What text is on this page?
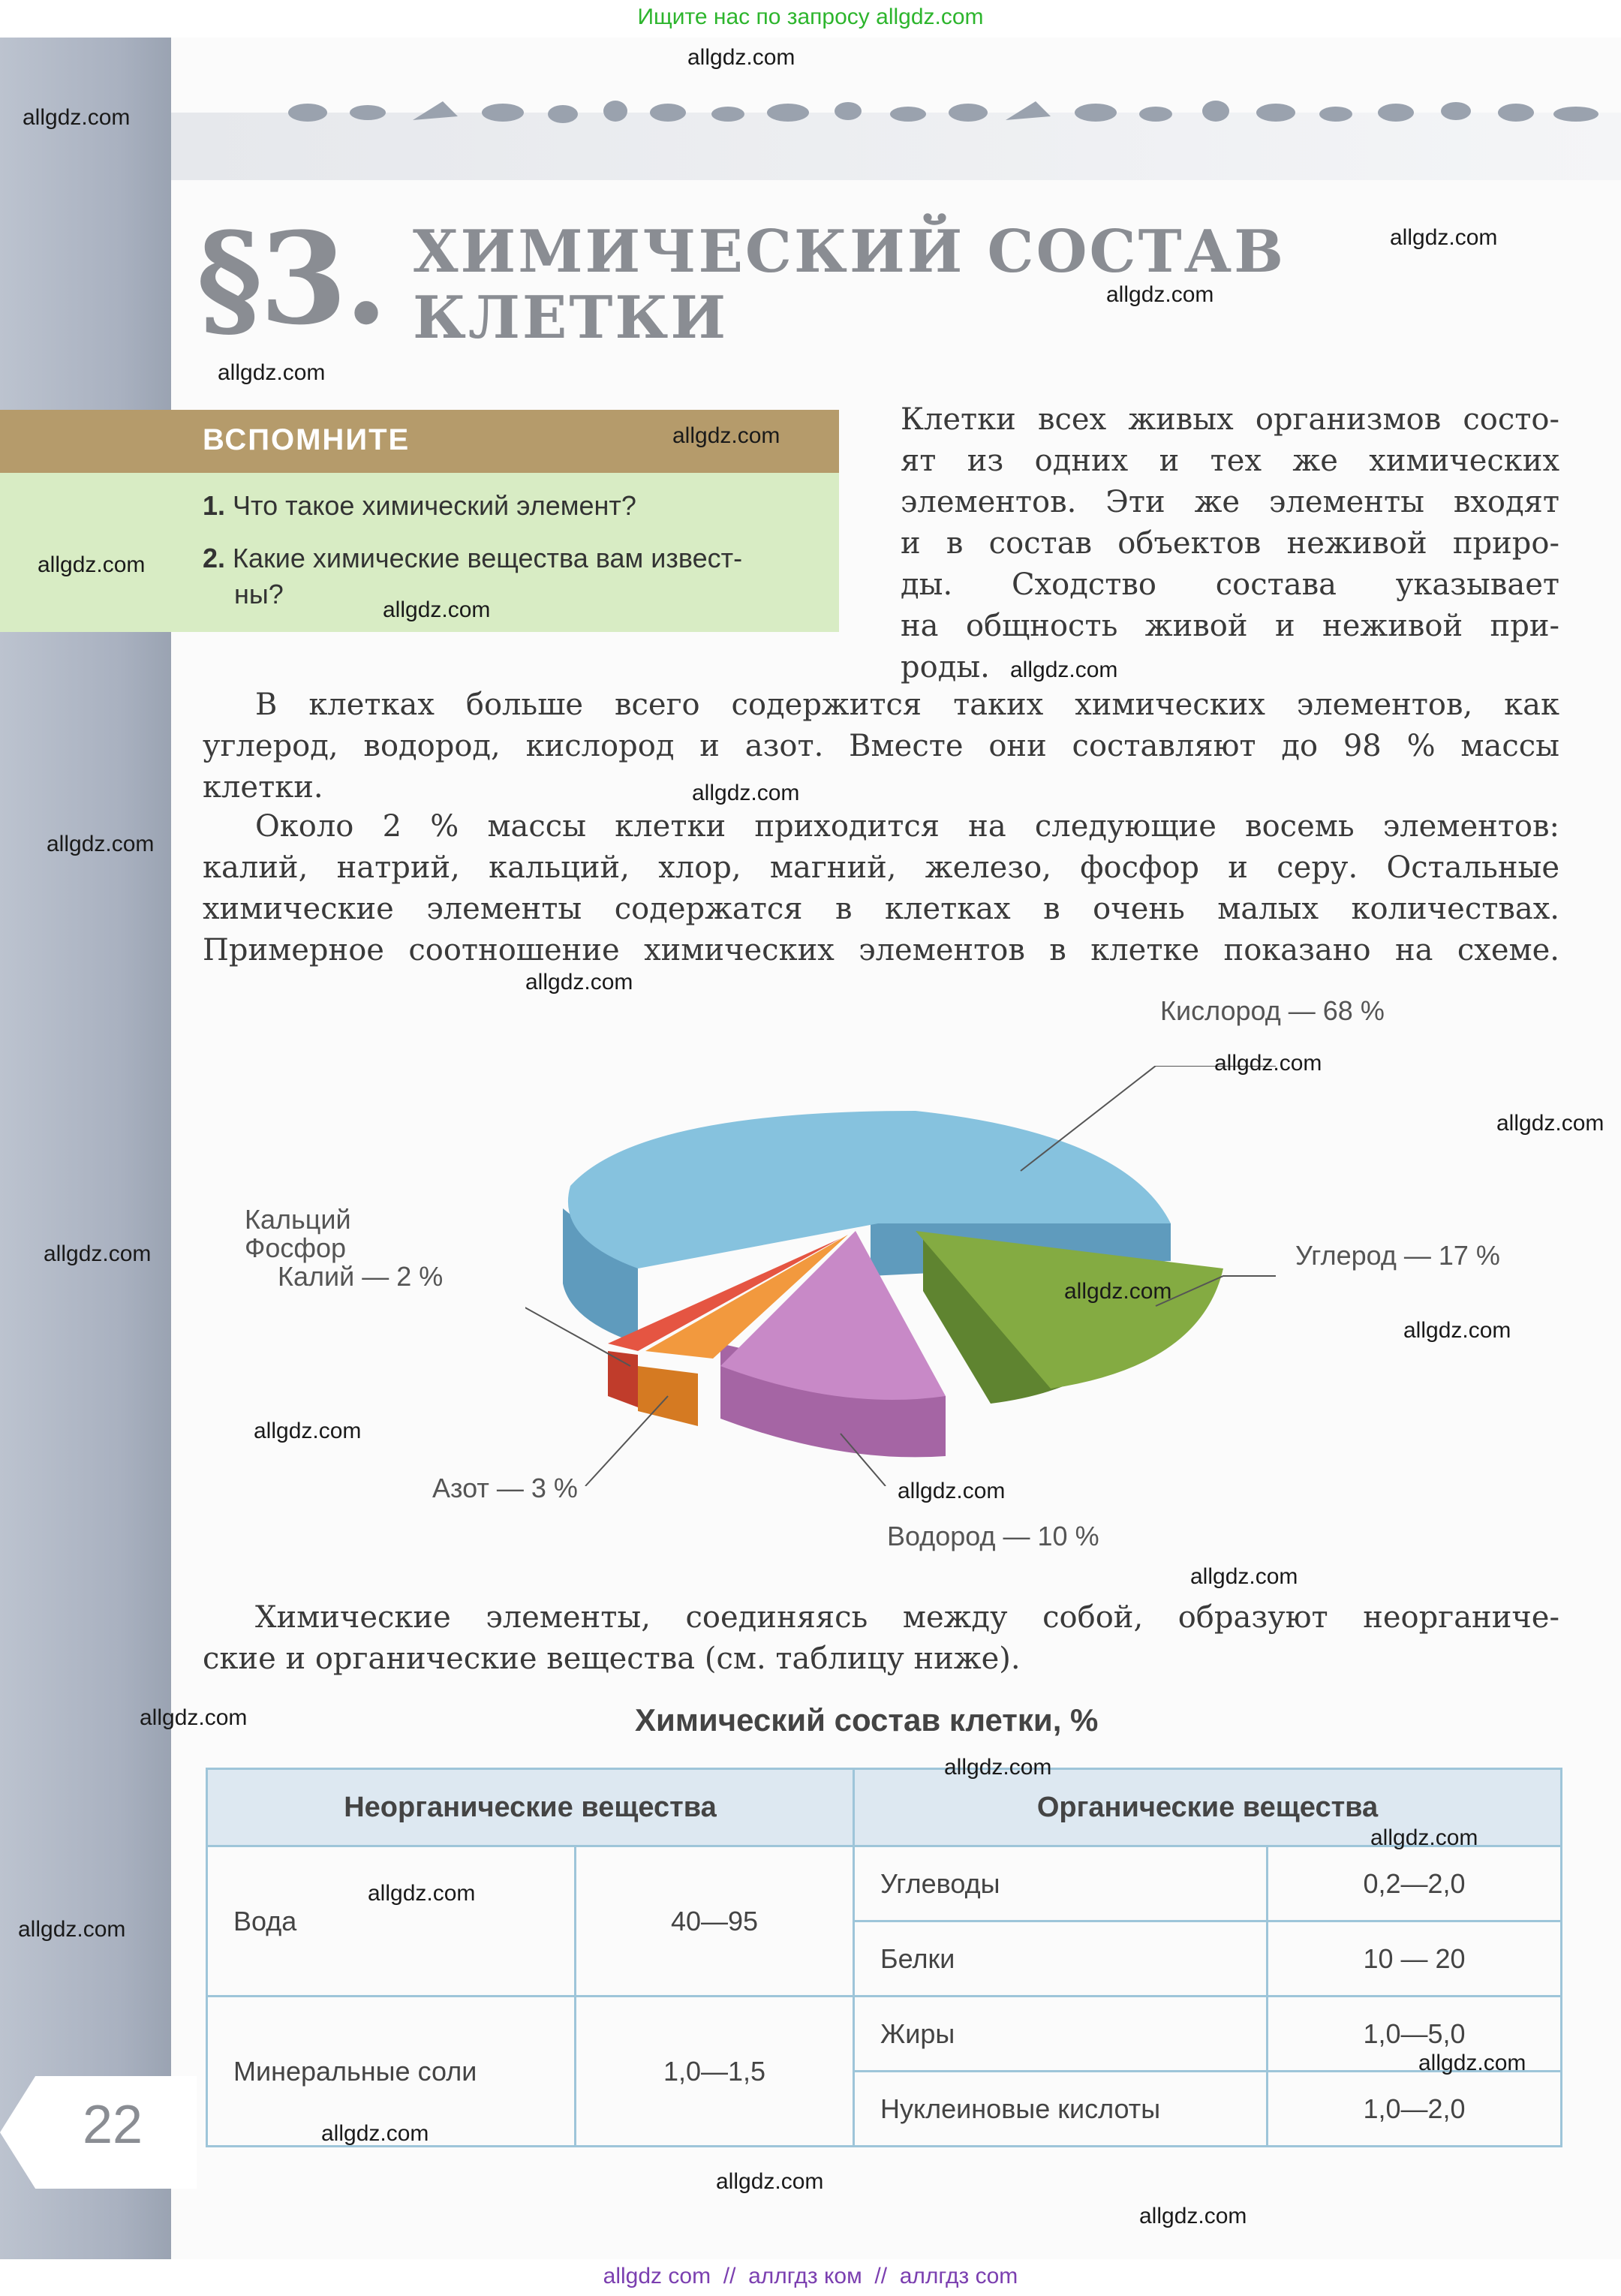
Ищите нас по запросу allgdz.com
§3. ХИМИЧЕСКИЙ СОСТАВ
КЛЕТКИ
ВСПОМНИТЕ
1. Что такое химический элемент?
2. Какие химические вещества вам извест-
ны?
Клетки всех живых организмов состо-
ят из одних и тех же химических
элементов. Эти же элементы входят
и в состав объектов неживой приро-
ды. Сходство состава указывает
на общность живой и неживой при-
роды.
В клетках больше всего содержится таких химических элементов, как
углерод, водород, кислород и азот. Вместе они составляют до 98 % массы
клетки.
Около 2 % массы клетки приходится на следующие восемь элементов:
калий, натрий, кальций, хлор, магний, железо, фосфор и серу. Остальные
химические элементы содержатся в клетках в очень малых количествах.
Примерное соотношение химических элементов в клетке показано на схеме.
Кислород — 68 %
Углерод — 17 %
Водород — 10 %
Азот — 3 %
Кальций
Фосфор
Калий — 2 %
Химические элементы, соединяясь между собой, образуют неорганиче-
ские и органические вещества (см. таблицу ниже).
Химический состав клетки, %
Неорганические вещества		Органические вещества	
Вода	40—95	Углеводы	0,2—2,0
		Белки	10 — 20
Минеральные соли	1,0—1,5	Жиры	1,0—5,0
		Нуклеиновые кислоты	1,0—2,0
22
allgdz.com
allgdz.com
allgdz.com
allgdz.com
allgdz.com
allgdz.com
allgdz.com
allgdz.com
allgdz.com
allgdz.com
allgdz.com
allgdz.com
allgdz.com
allgdz.com
allgdz.com
allgdz.com
allgdz.com
allgdz.com
allgdz.com
allgdz.com
allgdz.com
allgdz.com
allgdz.com
allgdz.com
allgdz.com
allgdz.com
allgdz.com
allgdz.com
allgdz.com
allgdz com  //  аллгдз ком  //  аллгдз com
